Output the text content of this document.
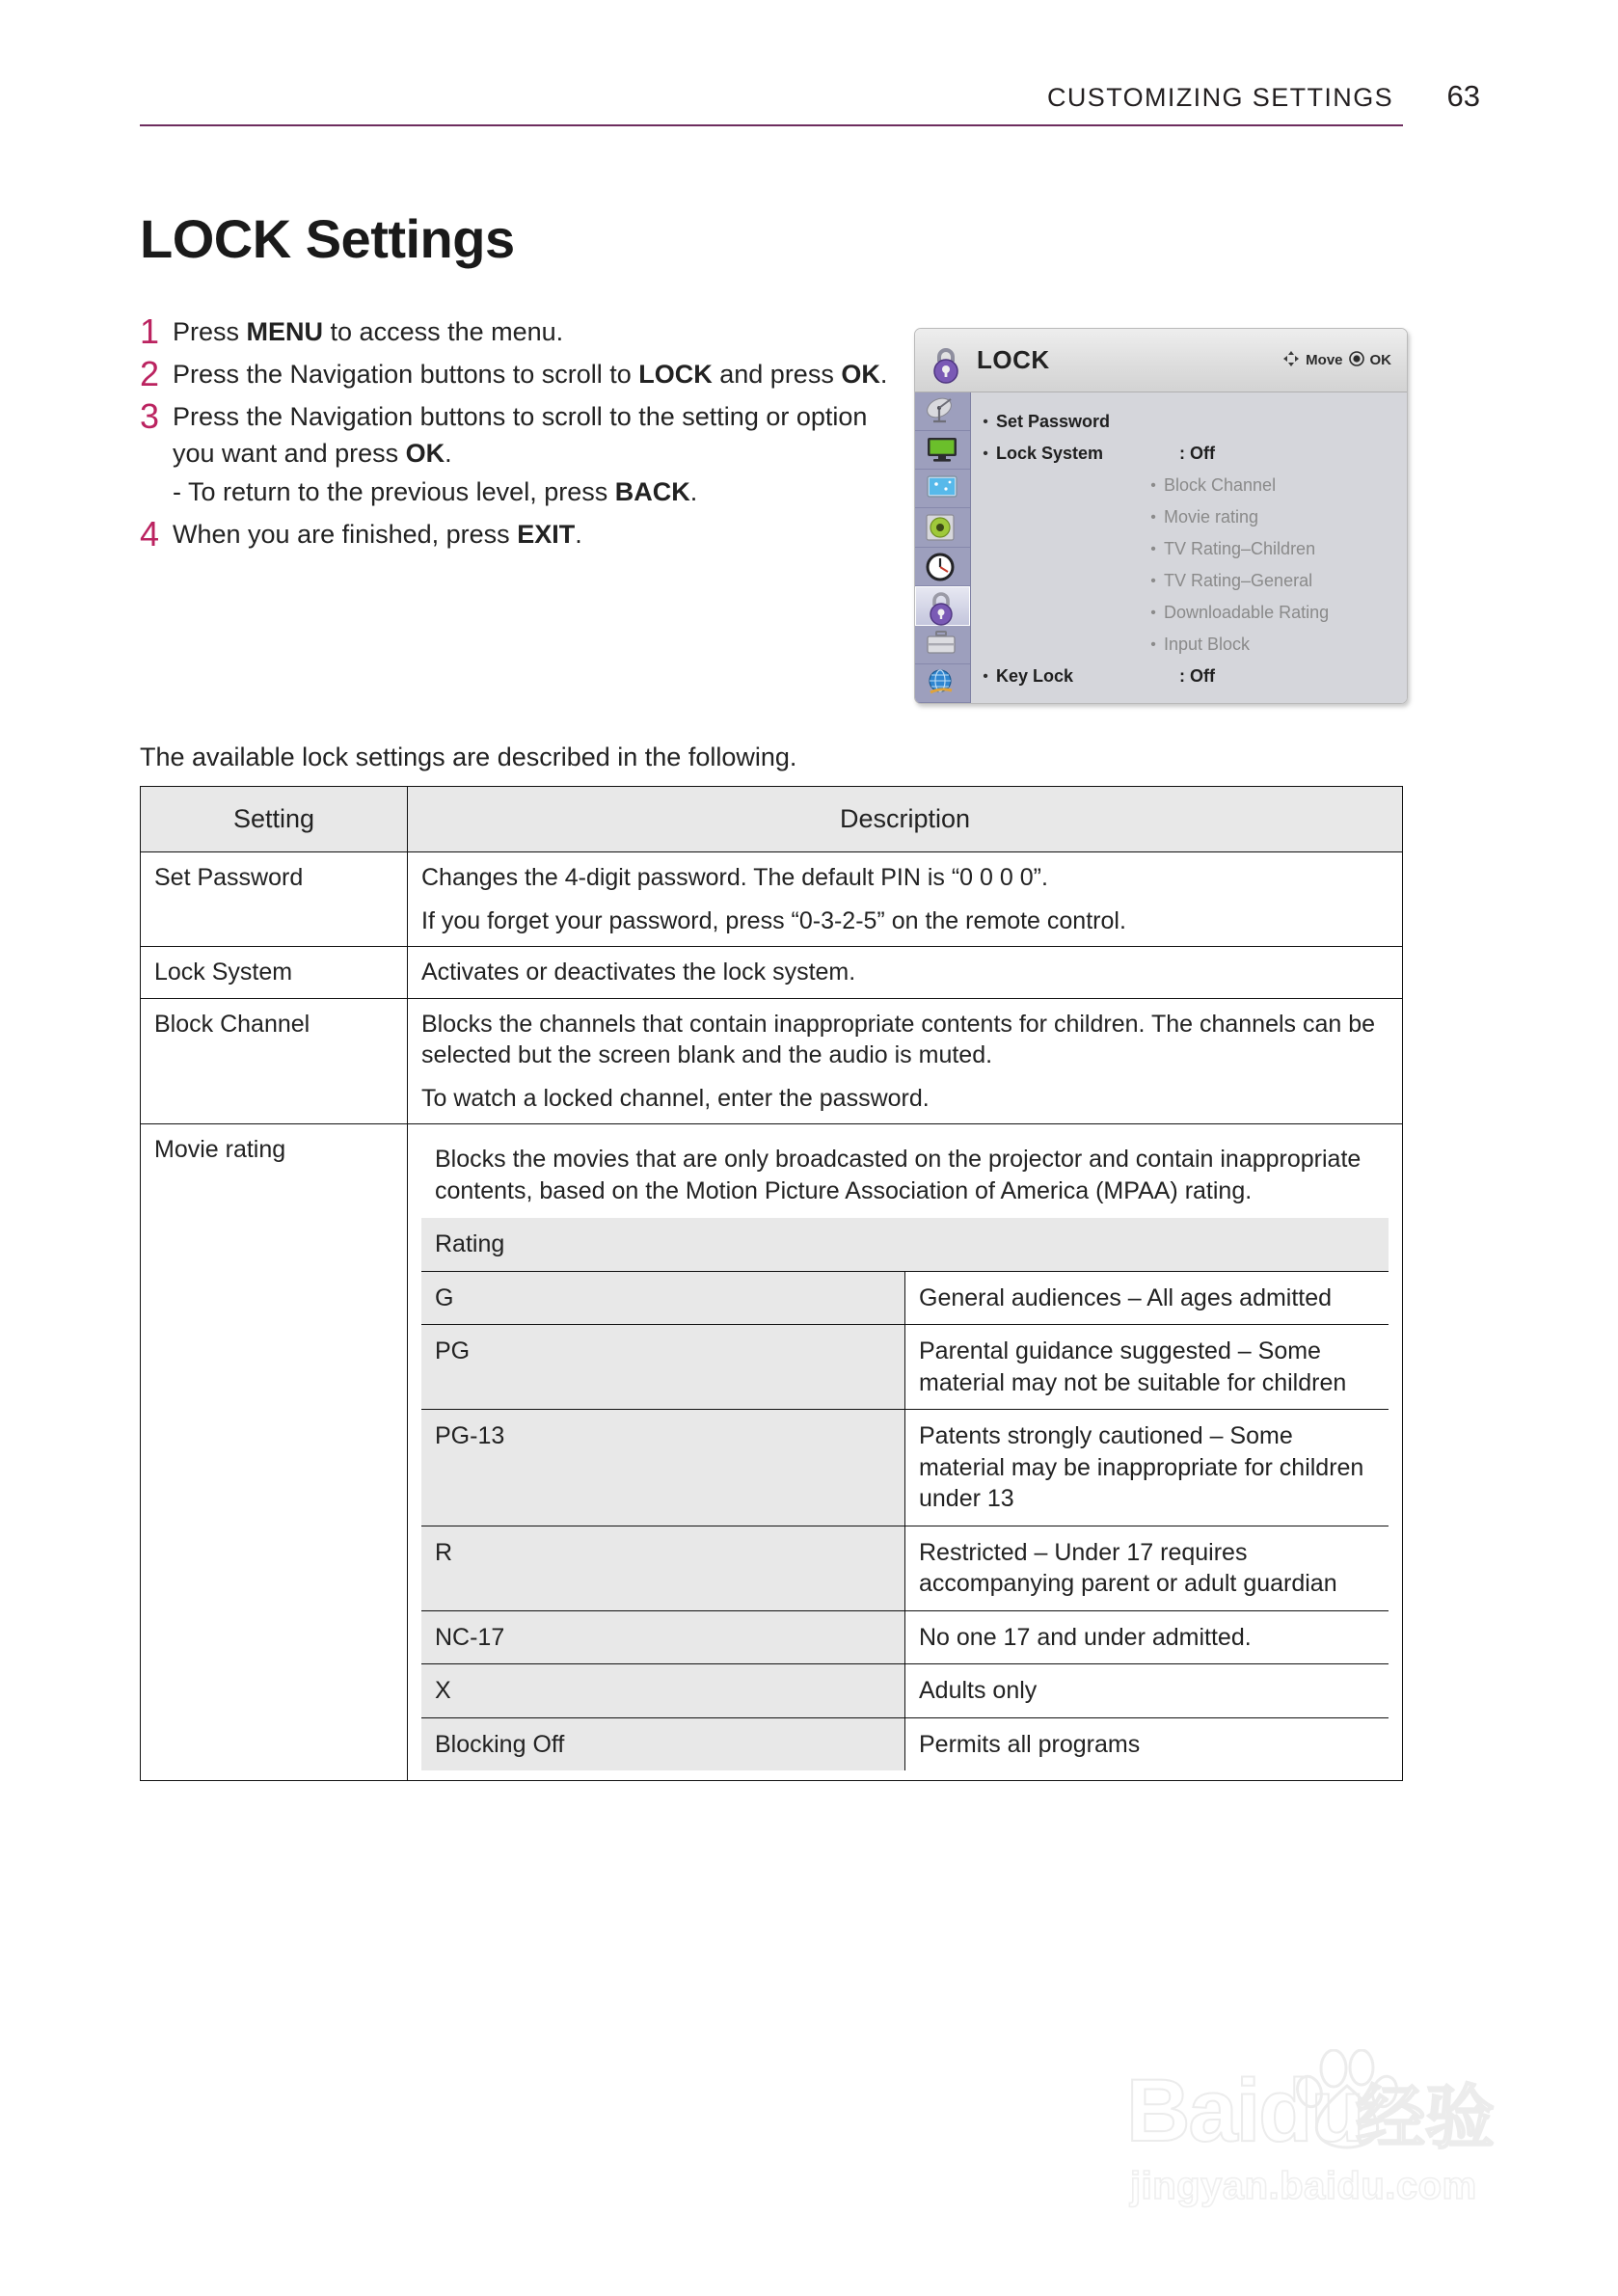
CUSTOMIZING SETTINGS	63
LOCK Settings
1 Press MENU to access the menu.
2 Press the Navigation buttons to scroll to LOCK and press OK.
3 Press the Navigation buttons to scroll to the setting or option you want and press OK.
- To return to the previous level, press BACK.
4 When you are finished, press EXIT.
LOCK	Move OK
• Set Password
• Lock System	: Off
• Block Channel
• Movie rating
• TV Rating–Children
• TV Rating–General
• Downloadable Rating
• Input Block
• Key Lock	: Off
The available lock settings are described in the following.
Setting	Description
Set Password	Changes the 4-digit password. The default PIN is “0 0 0 0”.

If you forget your password, press “0-3-2-5” on the remote control.

Lock System	Activates or deactivates the lock system.

Block Channel	Blocks the channels that contain inappropriate contents for children. The channels can be selected but the screen blank and the audio is muted.

To watch a locked channel, enter the password.

Movie rating	Blocks the movies that are only broadcasted on the projector and contain inappropriate contents, based on the Motion Picture Association of America (MPAA) rating.
Rating
G	General audiences – All ages admitted
PG	Parental guidance suggested – Some material may not be suitable for children
PG-13	Patents strongly cautioned – Some material may be inappropriate for children under 13
R	Restricted – Under 17 requires accompanying parent or adult guardian
NC-17	No one 17 and under admitted.
X	Adults only
Blocking Off	Permits all programs
Baidu
经验
jingyan.baidu.com
